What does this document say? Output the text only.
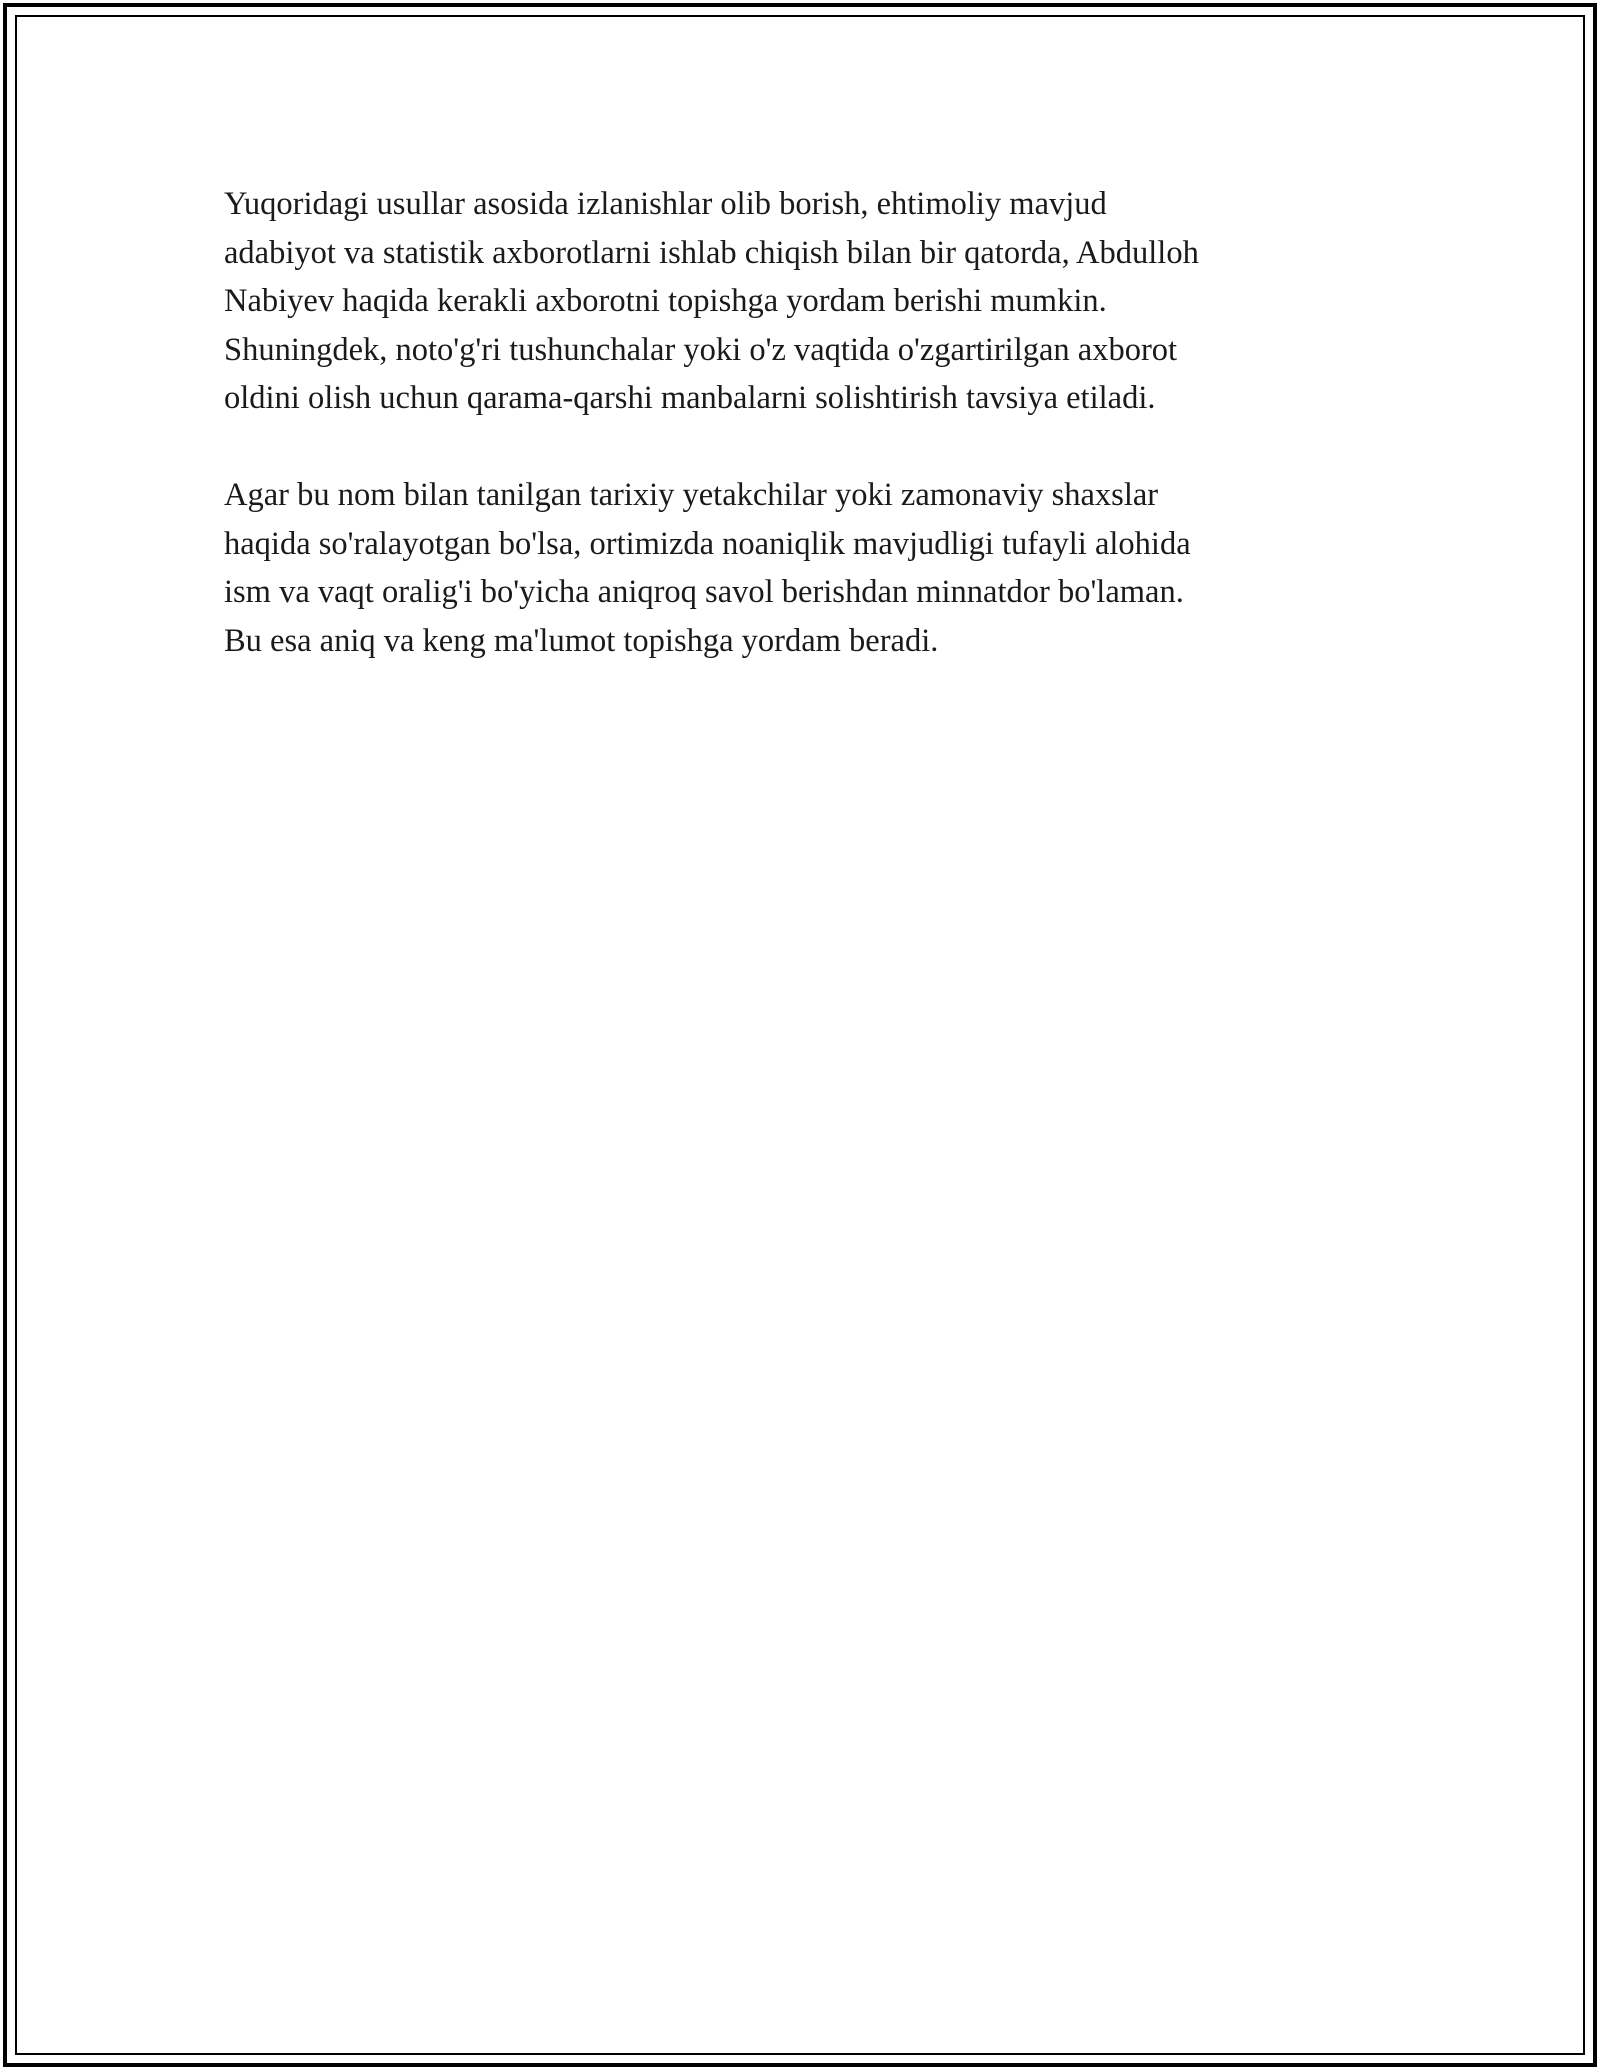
Yuqoridagi usullar asosida izlanishlar olib borish, ehtimoliy mavjud
adabiyot va statistik axborotlarni ishlab chiqish bilan bir qatorda, Abdulloh
Nabiyev haqida kerakli axborotni topishga yordam berishi mumkin.
Shuningdek, noto'g'ri tushunchalar yoki o'z vaqtida o'zgartirilgan axborot
oldini olish uchun qarama-qarshi manbalarni solishtirish tavsiya etiladi.

Agar bu nom bilan tanilgan tarixiy yetakchilar yoki zamonaviy shaxslar
haqida so'ralayotgan bo'lsa, ortimizda noaniqlik mavjudligi tufayli alohida
ism va vaqt oralig'i bo'yicha aniqroq savol berishdan minnatdor bo'laman.
Bu esa aniq va keng ma'lumot topishga yordam beradi.
